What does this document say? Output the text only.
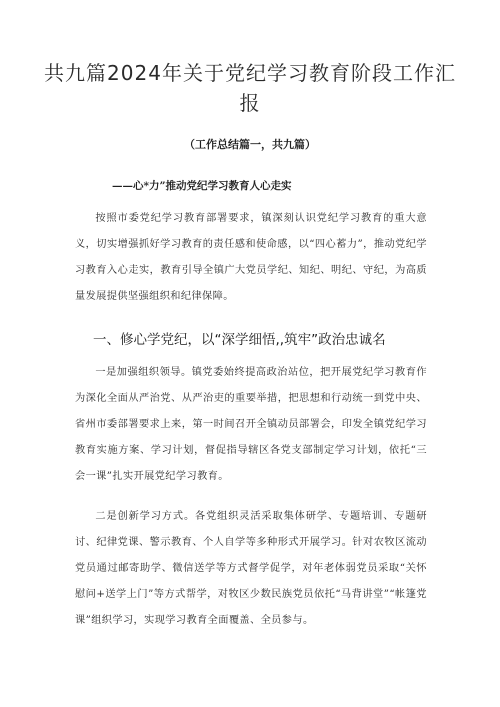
共九篇2024年关于党纪学习教育阶段工作汇报
（工作总结篇一，共九篇）
——心*力”推动党纪学习教育人心走实

按照市委党纪学习教育部署要求，镇深刻认识党纪学习教育的重大意义，切实增强抓好学习教育的责任感和使命感，以“四心蓄力”，推动党纪学习教育入心走实，教育引导全镇广大党员学纪、知纪、明纪、守纪，为高质量发展提供坚强组织和纪律保障。

一、修心学党纪，以“深学细悟,,筑牢”政治忠诚名

一是加强组织领导。镇党委始终提高政治站位，把开展党纪学习教育作为深化全面从严治党、从严治吏的重要举措，把思想和行动统一到党中央、省州市委部署要求上来，第一时间召开全镇动员部署会，印发全镇党纪学习教育实施方案、学习计划，督促指导辖区各党支部制定学习计划，依托“三会一课”扎实开展党纪学习教育。

二是创新学习方式。各党组织灵活采取集体研学、专题培训、专题研讨、纪律党课、警示教育、个人自学等多种形式开展学习。针对农牧区流动党员通过邮寄助学、微信送学等方式督学促学，对年老体弱党员采取“关怀慰问+送学上门”等方式帮学，对牧区少数民族党员依托“马背讲堂”“帐篷党课”组织学习，实现学习教育全面覆盖、全员参与。
